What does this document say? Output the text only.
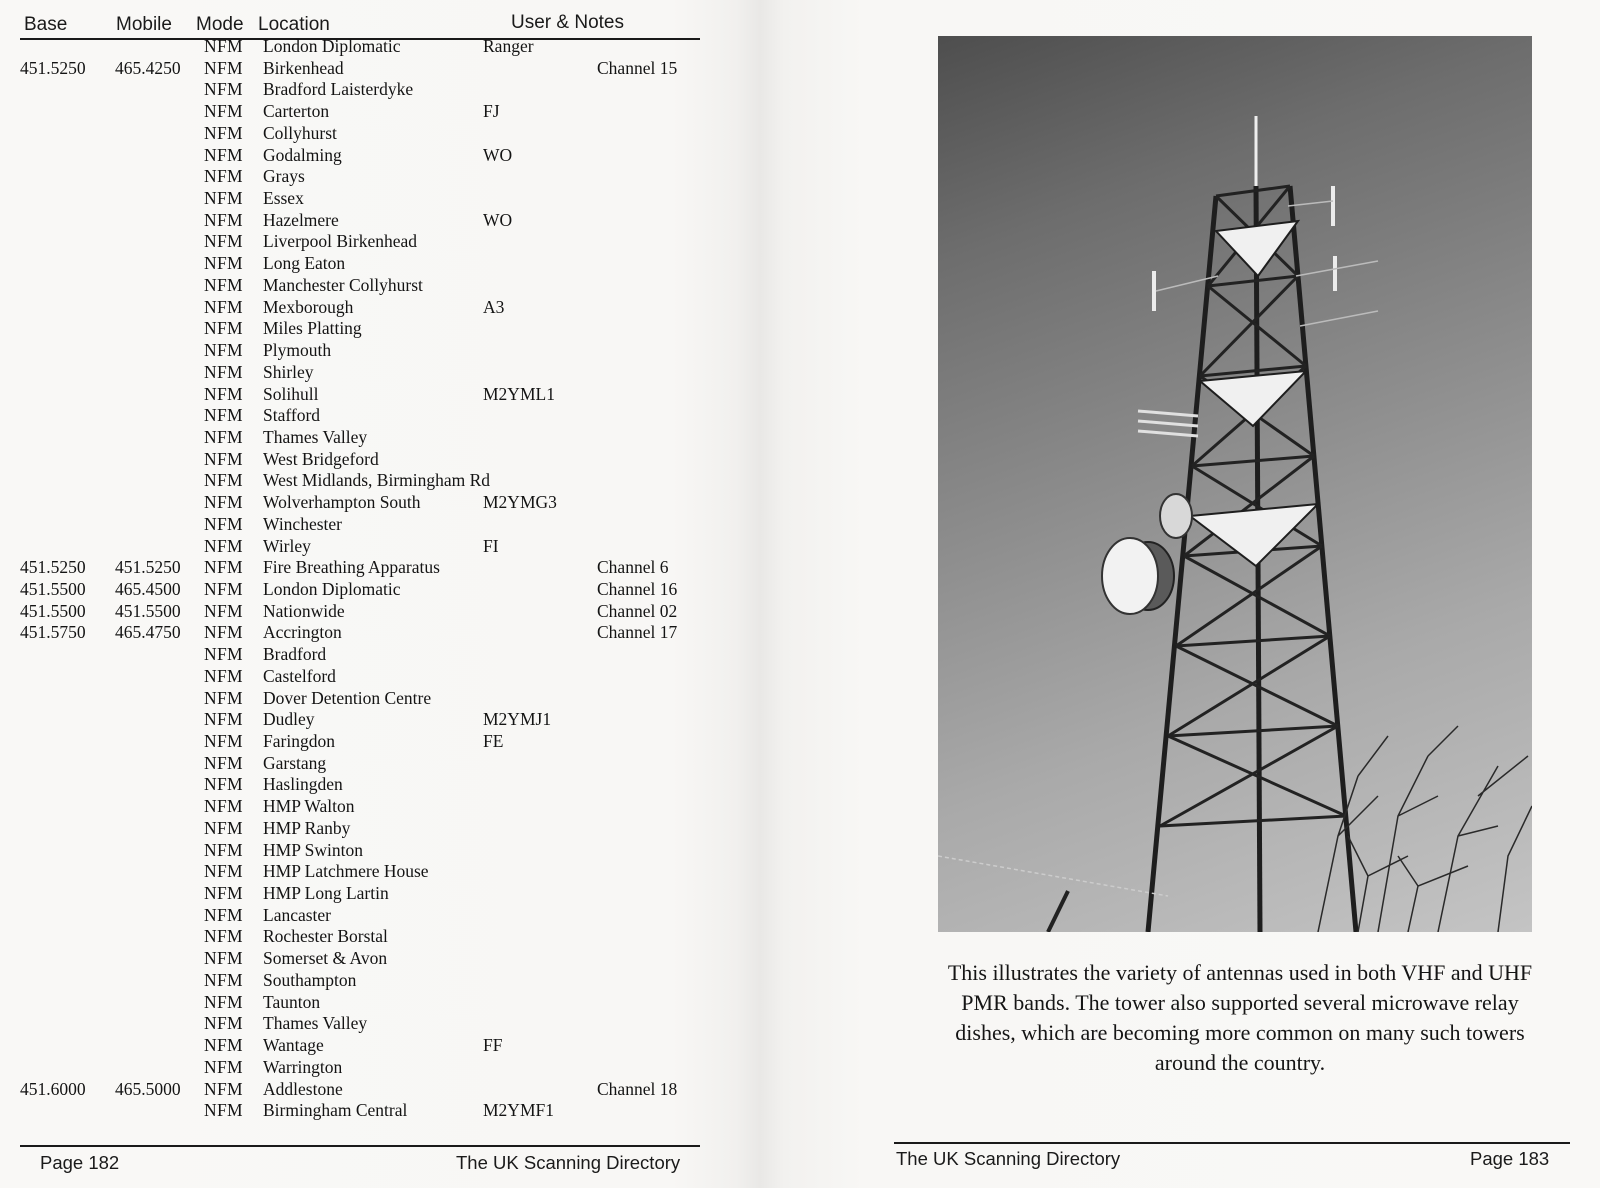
Base	Mobile Mode Location	User & Notes
NFM London Diplomatic	Ranger
451.5250 465.4250 NFM Birkenhead	Channel 15
NFM Bradford Laisterdyke
NFM Carterton	FJ
NFM Collyhurst
NFM Godalming	WO
NFM Grays
NFM Essex
NFM Hazelmere	WO
NFM Liverpool Birkenhead
NFM Long Eaton
NFM Manchester Collyhurst
NFM Mexborough	A3
NFM Miles Platting
NFM Plymouth
NFM Shirley
NFM Solihull	M2YML1
NFM Stafford
NFM Thames Valley
NFM West Bridgeford
NFM West Midlands, Birmingham Rd
NFM Wolverhampton South	M2YMG3
NFM Winchester
NFM Wirley	FI
451.5250 451.5250 NFM Fire Breathing Apparatus	Channel 6
451.5500 465.4500 NFM London Diplomatic	Channel 16
451.5500 451.5500 NFM Nationwide	Channel 02
451.5750 465.4750 NFM Accrington	Channel 17
NFM Bradford
NFM Castelford
NFM Dover Detention Centre
NFM Dudley	M2YMJ1
NFM Faringdon	FE
NFM Garstang
NFM Haslingden
NFM HMP Walton
NFM HMP Ranby
NFM HMP Swinton
NFM HMP Latchmere House
NFM HMP Long Lartin
NFM Lancaster
NFM Rochester Borstal
NFM Somerset & Avon
NFM Southampton
NFM Taunton
NFM Thames Valley
NFM Wantage	FF
NFM Warrington
451.6000 465.5000 NFM Addlestone	Channel 18
NFM Birmingham Central	M2YMF1
Page 182	The UK Scanning Directory
This illustrates the variety of antennas used in both VHF and UHF
PMR bands. The tower also supported several microwave relay
dishes, which are becoming more common on many such towers
around the country.
The UK Scanning Directory	Page 183
